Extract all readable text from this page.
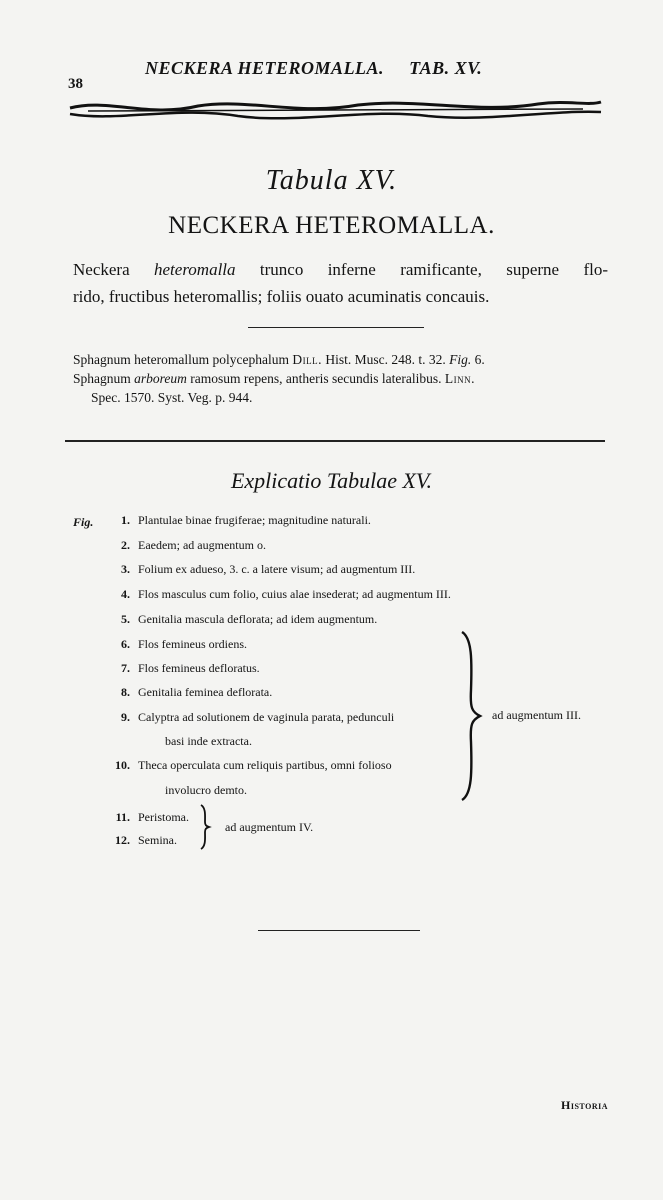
38
NECKERA HETEROMALLA. TAB. XV.
Tabula XV.
NECKERA HETEROMALLA.
Neckera heteromalla trunco inferne ramificante, superne flo-
rido, fructibus heteromallis; foliis ouato acuminatis concauis.
Sphagnum heteromallum polycephalum Dill. Hist. Musc. 248. t. 32. Fig. 6.
Sphagnum arboreum ramosum repens, antheris secundis lateralibus. Linn.
Spec. 1570. Syst. Veg. p. 944.
Explicatio Tabulae XV.
Fig.	1. Plantulae binae frugiferae; magnitudine naturali.
2. Eaedem; ad augmentum o.
3. Folium ex adueso, 3. c. a latere visum; ad augmentum III.
4. Flos masculus cum folio, cuius alae insederat; ad augmentum III.
5. Genitalia mascula deflorata; ad idem augmentum.
6. Flos femineus ordiens.
7. Flos femineus defloratus.
8. Genitalia feminea deflorata.
9. Calyptra ad solutionem de vaginula parata, pedunculi
basi inde extracta.
10. Theca operculata cum reliquis partibus, omni folioso
involucro demto.
11. Peristoma.
12. Semina.
ad augmentum III.
ad augmentum IV.
Historia
